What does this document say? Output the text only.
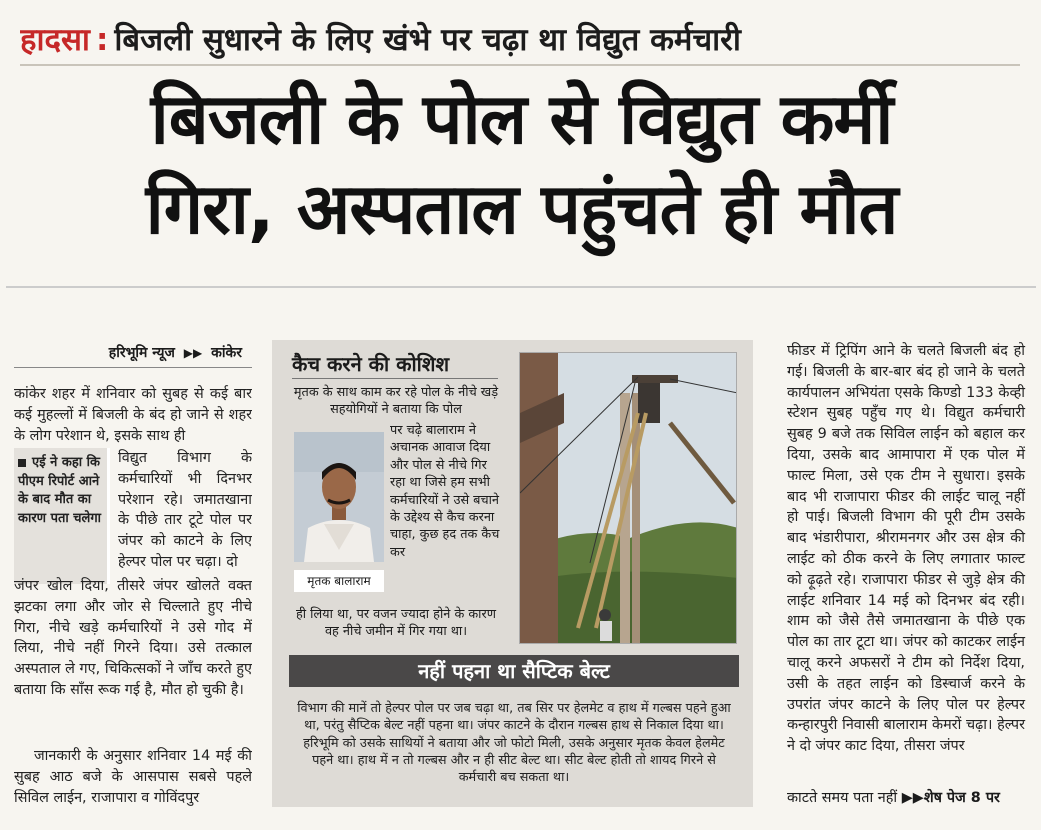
हादसा : बिजली सुधारने के लिए खंभे पर चढ़ा था विद्युत कर्मचारी
बिजली के पोल से विद्युत कर्मी
गिरा, अस्पताल पहुंचते ही मौत
हरिभूमि न्यूज ▶▶ कांकेर
कांकेर शहर में शनिवार को सुबह से कई बार कई मुहल्लों में बिजली के बंद हो जाने से शहर के लोग परेशान थे, इसके साथ ही
एई ने कहा कि पीएम रिपोर्ट आने के बाद मौत का कारण पता चलेगा
विद्युत विभाग के कर्मचारियों भी दिनभर परेशान रहे। जमातखाना के पीछे तार टूटे पोल पर जंपर को काटने के लिए हेल्पर पोल पर चढ़ा। दो
जंपर खोल दिया, तीसरे जंपर खोलते वक्त झटका लगा और जोर से चिल्लाते हुए नीचे गिरा, नीचे खड़े कर्मचारियों ने उसे गोद में लिया, नीचे नहीं गिरने दिया। उसे तत्काल अस्पताल ले गए, चिकित्सकों ने जाँच करते हुए बताया कि साँस रूक गई है, मौत हो चुकी है।
जानकारी के अनुसार शनिवार 14 मई की सुबह आठ बजे के आसपास सबसे पहले सिविल लाईन, राजापारा व गोविंदपुर
कैच करने की कोशिश
मृतक के साथ काम कर रहे पोल के नीचे खड़े सहयोगियों ने बताया कि पोल
मृतक बालाराम
पर चढ़े बालाराम ने अचानक आवाज दिया और पोल से नीचे गिर रहा था जिसे हम सभी कर्मचारियों ने उसे बचाने के उद्देश्य से कैच करना चाहा, कुछ हद तक कैच कर
ही लिया था, पर वजन ज्यादा होने के कारण वह नीचे जमीन में गिर गया था।
नहीं पहना था सैप्टिक बेल्ट
विभाग की मानें तो हेल्पर पोल पर जब चढ़ा था, तब सिर पर हेलमेट व हाथ में गल्बस पहने हुआ था, परंतु सैप्टिक बेल्ट नहीं पहना था। जंपर काटने के दौरान गल्बस हाथ से निकाल दिया था। हरिभूमि को उसके साथियों ने बताया और जो फोटो मिली, उसके अनुसार मृतक केवल हेलमेट पहने था। हाथ में न तो गल्बस और न ही सीट बेल्ट था। सीट बेल्ट होती तो शायद गिरने से कर्मचारी बच सकता था।
फीडर में ट्रिपिंग आने के चलते बिजली बंद हो गई। बिजली के बार-बार बंद हो जाने के चलते कार्यपालन अभियंता एसके किण्डो 133 केव्ही स्टेशन सुबह पहुँच गए थे। विद्युत कर्मचारी सुबह 9 बजे तक सिविल लाईन को बहाल कर दिया, उसके बाद आमापारा में एक पोल में फाल्ट मिला, उसे एक टीम ने सुधारा। इसके बाद भी राजापारा फीडर की लाईट चालू नहीं हो पाई। बिजली विभाग की पूरी टीम उसके बाद भंडारीपारा, श्रीरामनगर और उस क्षेत्र की लाईट को ठीक करने के लिए लगातार फाल्ट को ढ़ूढ़ते रहे। राजापारा फीडर से जुड़े क्षेत्र की लाईट शनिवार 14 मई को दिनभर बंद रही। शाम को जैसे तैसे जमातखाना के पीछे एक पोल का तार टूटा था। जंपर को काटकर लाईन चालू करने अफसरों ने टीम को निर्देश दिया, उसी के तहत लाईन को डिस्चार्ज करने के उपरांत जंपर काटने के लिए पोल पर हेल्पर कन्हारपुरी निवासी बालाराम केमरों चढ़ा। हेल्पर ने दो जंपर काट दिया, तीसरा जंपर
काटते समय पता नहीं ▶▶शेष पेज 8 पर
